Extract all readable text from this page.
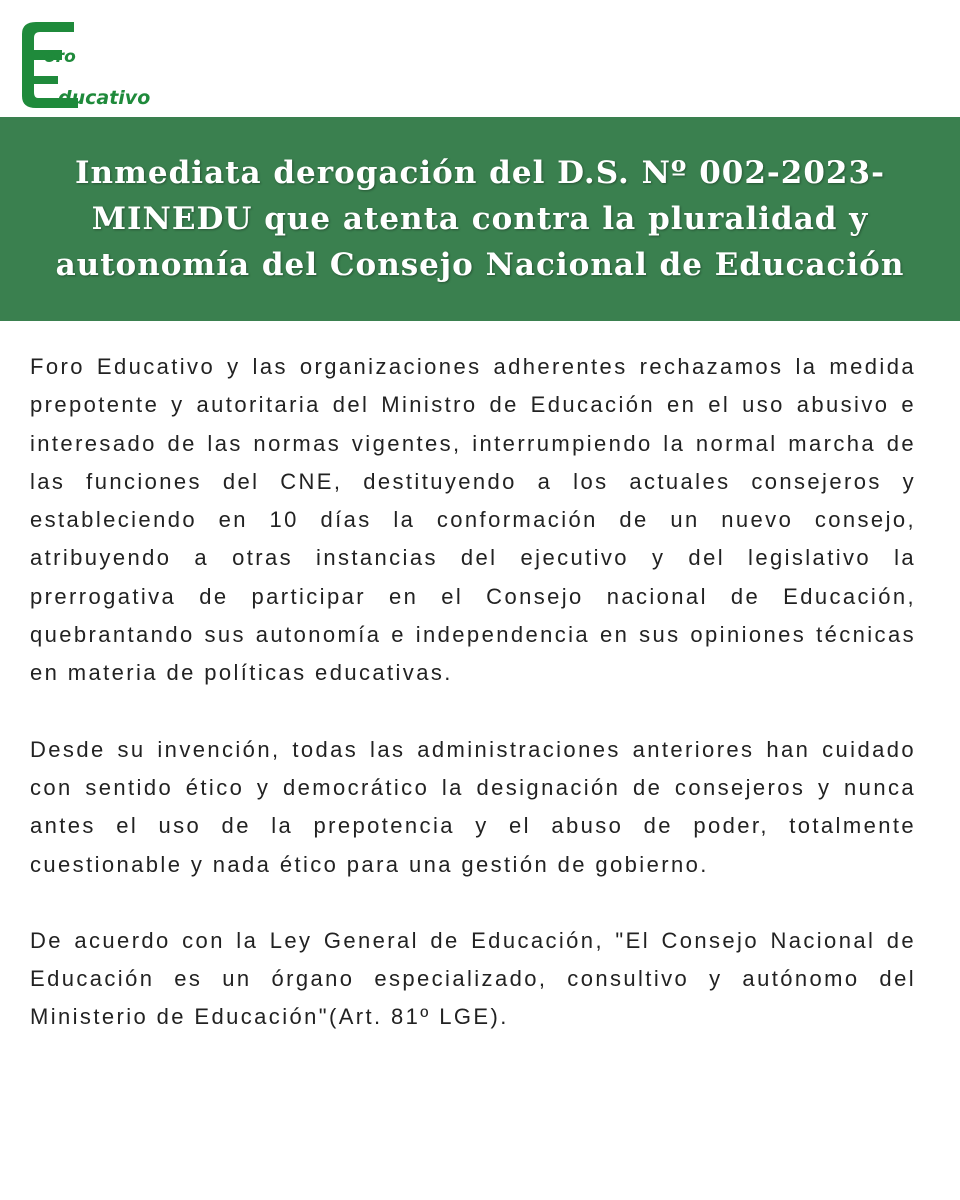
oro
ducativo
Inmediata derogación del D.S. Nº 002-2023-
MINEDU que atenta contra la pluralidad y
autonomía del Consejo Nacional de Educación

Foro Educativo y las organizaciones adherentes rechazamos la medida prepotente y autoritaria del Ministro de Educación en el uso abusivo e interesado de las normas vigentes, interrumpiendo la normal marcha de las funciones del CNE, destituyendo a los actuales consejeros y estableciendo en 10 días la conformación de un nuevo consejo, atribuyendo a otras instancias del ejecutivo y del legislativo la prerrogativa de participar en el Consejo nacional de Educación, quebrantando sus autonomía e independencia en sus opiniones técnicas en materia de políticas educativas.

Desde su invención, todas las administraciones anteriores han cuidado con sentido ético y democrático la designación de consejeros y nunca antes el uso de la prepotencia y el abuso de poder, totalmente cuestionable y nada ético para una gestión de gobierno.

De acuerdo con la Ley General de Educación, "El Consejo Nacional de Educación es un órgano especializado, consultivo y autónomo del Ministerio de Educación"(Art. 81º LGE).
